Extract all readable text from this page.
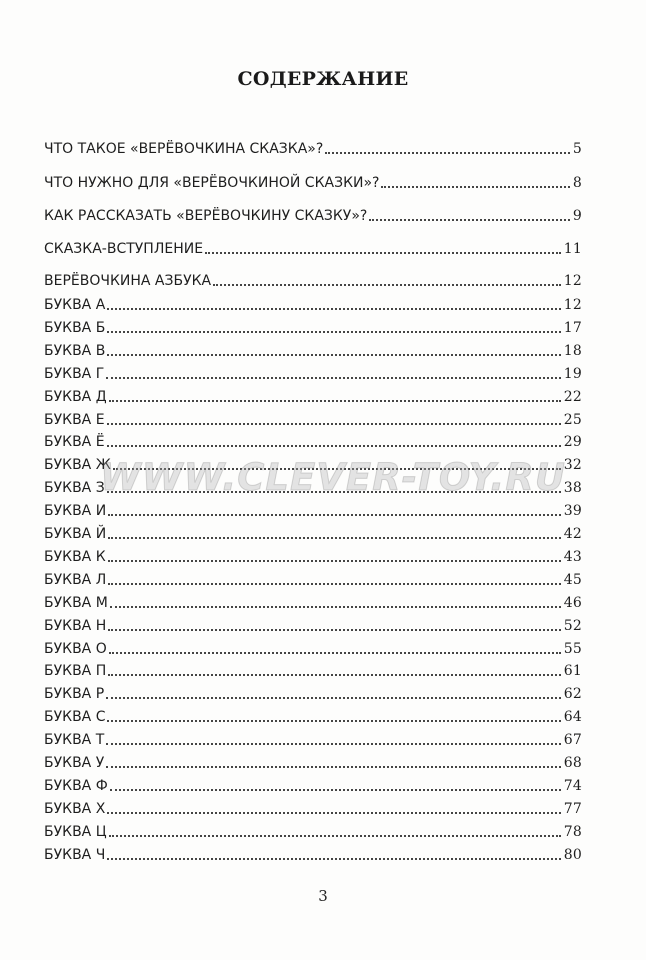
СОДЕРЖАНИЕ
ЧТО ТАКОЕ «ВЕРЁВОЧКИНА СКАЗКА»?	5
ЧТО НУЖНО ДЛЯ «ВЕРЁВОЧКИНОЙ СКАЗКИ»?	8
КАК РАССКАЗАТЬ «ВЕРЁВОЧКИНУ СКАЗКУ»?	9
СКАЗКА-ВСТУПЛЕНИЕ	11
ВЕРЁВОЧКИНА АЗБУКА	12
БУКВА А	12
БУКВА Б	17
БУКВА В	18
БУКВА Г	19
БУКВА Д	22
БУКВА Е	25
БУКВА Ё	29
БУКВА Ж	32
БУКВА З	38
БУКВА И	39
БУКВА Й	42
БУКВА К	43
БУКВА Л	45
БУКВА М	46
БУКВА Н	52
БУКВА О	55
БУКВА П	61
БУКВА Р	62
БУКВА С	64
БУКВА Т	67
БУКВА У	68
БУКВА Ф	74
БУКВА Х	77
БУКВА Ц	78
БУКВА Ч	80
WWW.CLEVER-TOY.RU
3
